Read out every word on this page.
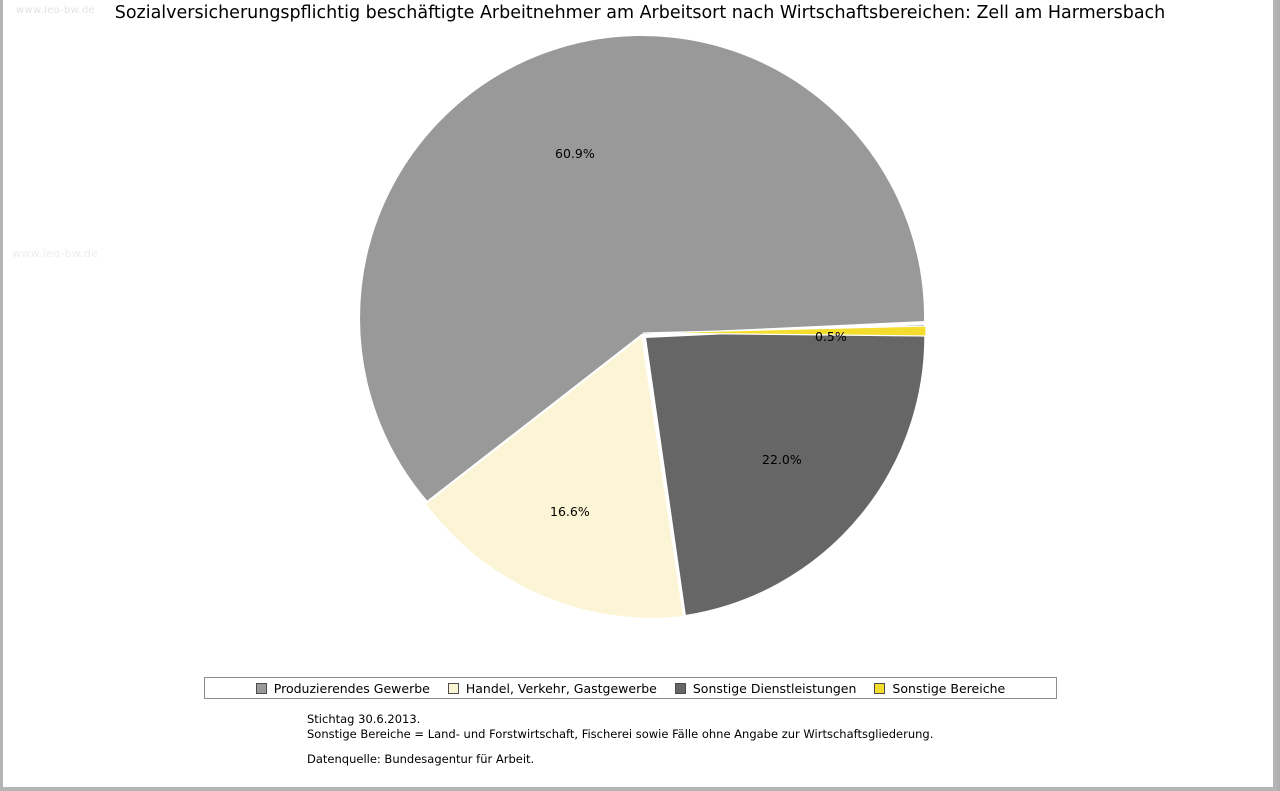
www.leo-bw.de
www.leo-bw.de
Sozialversicherungspflichtig beschäftigte Arbeitnehmer am Arbeitsort nach Wirtschaftsbereichen: Zell am Harmersbach
60.9%
16.6%
22.0%
0.5%
Produzierendes Gewerbe	Handel, Verkehr, Gastgewerbe	Sonstige Dienstleistungen	Sonstige Bereiche
Stichtag 30.6.2013.
Sonstige Bereiche = Land- und Forstwirtschaft, Fischerei sowie Fälle ohne Angabe zur Wirtschaftsgliederung.
Datenquelle: Bundesagentur für Arbeit.
